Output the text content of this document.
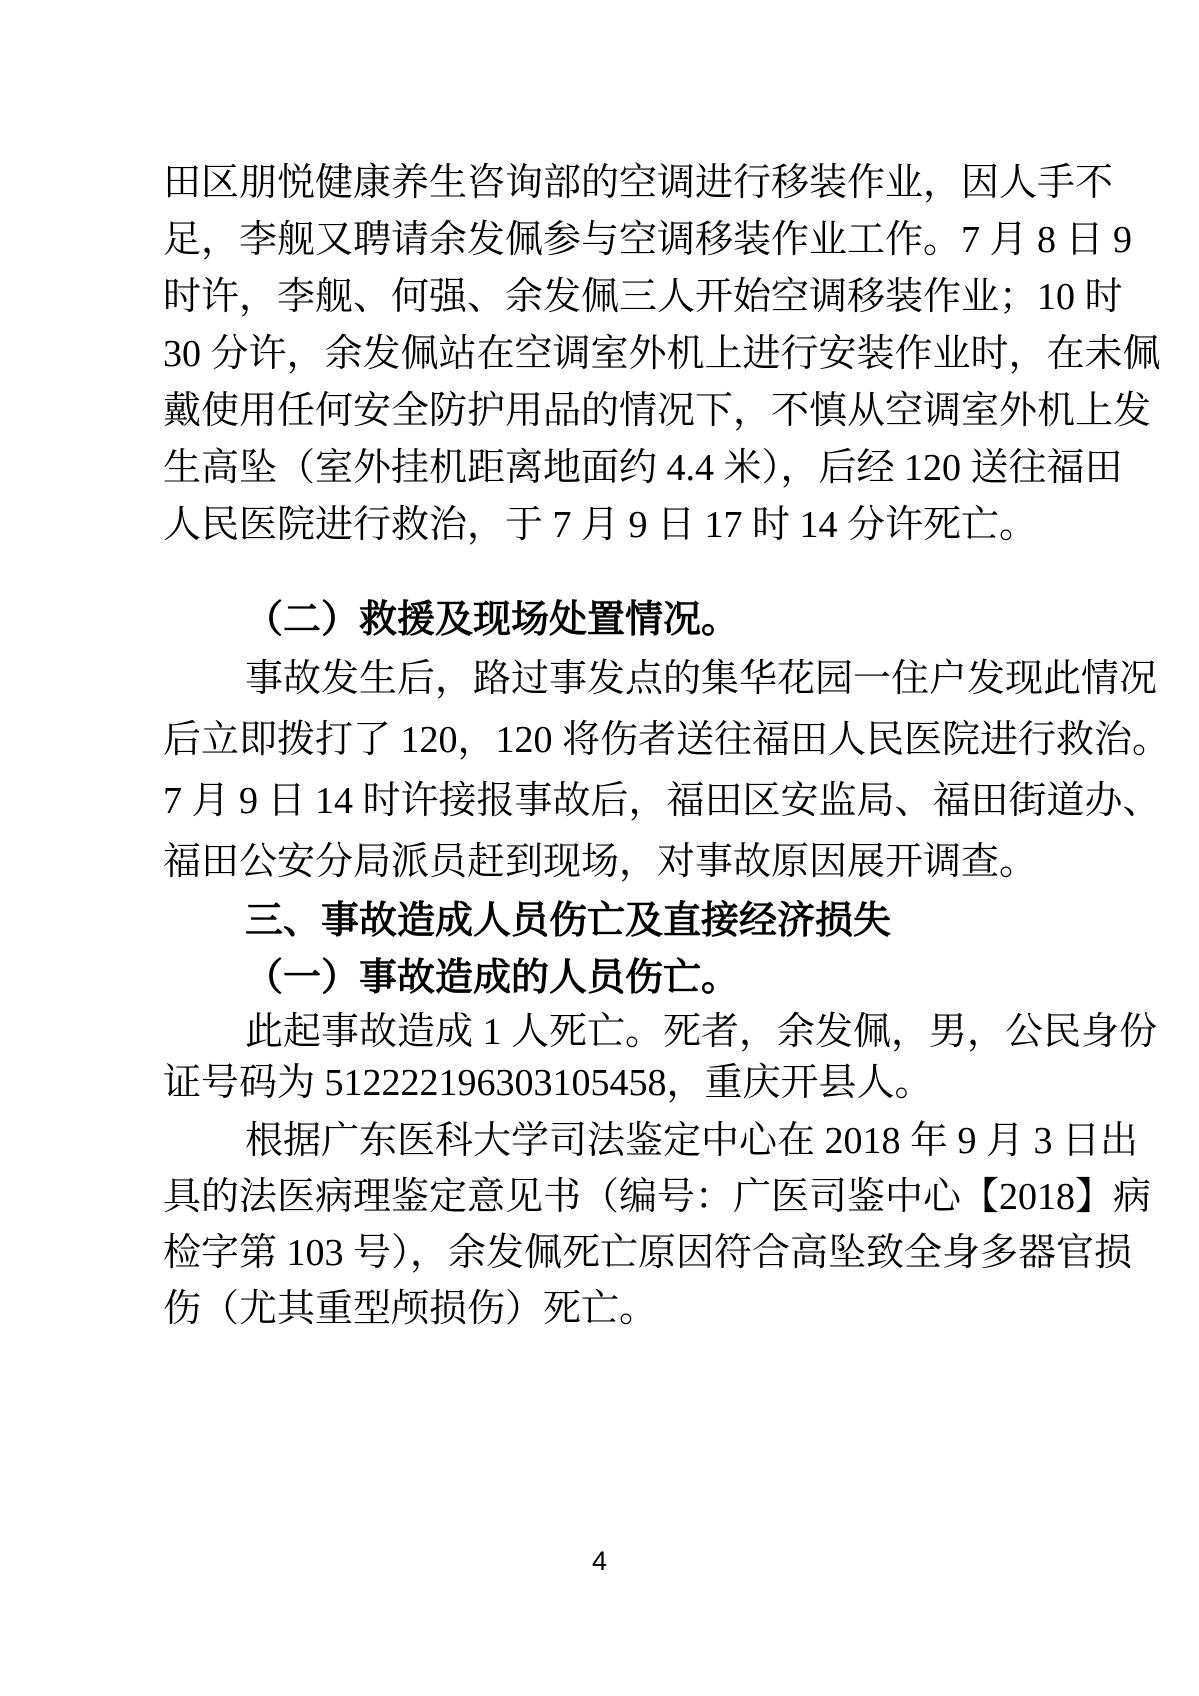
田区朋悦健康养生咨询部的空调进行移装作业，因人手不
足，李舰又聘请余发佩参与空调移装作业工作。7 月 8 日 9
时许，李舰、何强、余发佩三人开始空调移装作业；10 时
30 分许，余发佩站在空调室外机上进行安装作业时，在未佩
戴使用任何安全防护用品的情况下，不慎从空调室外机上发
生高坠（室外挂机距离地面约 4.4 米），后经 120 送往福田
人民医院进行救治，于 7 月 9 日 17 时 14 分许死亡。
（二）救援及现场处置情况。
事故发生后，路过事发点的集华花园一住户发现此情况
后立即拨打了 120，120 将伤者送往福田人民医院进行救治。
7 月 9 日 14 时许接报事故后，福田区安监局、福田街道办、
福田公安分局派员赶到现场，对事故原因展开调查。
三、事故造成人员伤亡及直接经济损失
（一）事故造成的人员伤亡。
此起事故造成 1 人死亡。死者，余发佩，男，公民身份
证号码为 512222196303105458，重庆开县人。
根据广东医科大学司法鉴定中心在 2018 年 9 月 3 日出
具的法医病理鉴定意见书（编号：广医司鉴中心【2018】病
检字第 103 号），余发佩死亡原因符合高坠致全身多器官损
伤（尤其重型颅损伤）死亡。
4
